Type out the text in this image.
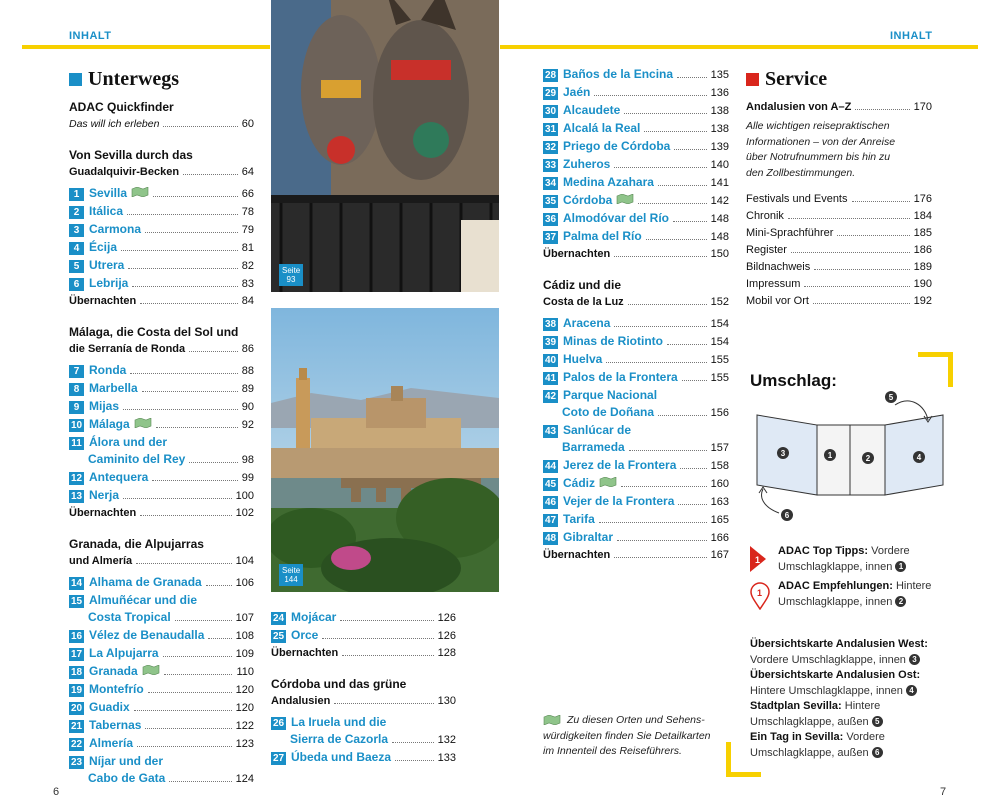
INHALT	INHALT
Unterwegs
ADAC Quickfinder
Das will ich erleben	60
Von Sevilla durch das
Guadalquivir-Becken	64
1 Sevilla	66
2 Itálica	78
3 Carmona	79
4 Écija	81
5 Utrera	82
6 Lebrija	83
Übernachten	84
Málaga, die Costa del Sol und
die Serranía de Ronda	86
7 Ronda	88
8 Marbella	89
9 Mijas	90
10 Málaga	92
11 Álora und der
Caminito del Rey	98
12 Antequera	99
13 Nerja	100
Übernachten	102
Granada, die Alpujarras
und Almería	104
14 Alhama de Granada	106
15 Almuñécar und die
Costa Tropical	107
16 Vélez de Benaudalla	108
17 La Alpujarra	109
18 Granada	110
19 Montefrío	120
20 Guadix	120
21 Tabernas	122
22 Almería	123
23 Níjar und der
Cabo de Gata	124
Seite
93
Seite
144
24 Mojácar	126
25 Orce	126
Übernachten	128
Córdoba und das grüne
Andalusien	130
26 La Iruela und die
Sierra de Cazorla	132
27 Úbeda und Baeza	133
28 Baños de la Encina	135
29 Jaén	136
30 Alcaudete	138
31 Alcalá la Real	138
32 Priego de Córdoba	139
33 Zuheros	140
34 Medina Azahara	141
35 Córdoba	142
36 Almodóvar del Río	148
37 Palma del Río	148
Übernachten	150
Cádiz und die
Costa de la Luz	152
38 Aracena	154
39 Minas de Riotinto	154
40 Huelva	155
41 Palos de la Frontera	155
42 Parque Nacional
Coto de Doñana	156
43 Sanlúcar de
Barrameda	157
44 Jerez de la Frontera	158
45 Cádiz	160
46 Vejer de la Frontera	163
47 Tarifa	165
48 Gibraltar	166
Übernachten	167
Zu diesen Orten und Sehens-
würdigkeiten finden Sie Detailkarten
im Innenteil des Reiseführers.
Service
Andalusien von A–Z	170
Alle wichtigen reisepraktischen
Informationen – von der Anreise
über Notrufnummern bis hin zu
den Zollbestimmungen.
Festivals und Events	176
Chronik	184
Mini-Sprachführer	185
Register	186
Bildnachweis	189
Impressum	190
Mobil vor Ort	192
Umschlag:
3	1	2	4
5
6
1
ADAC Top Tipps: Vordere
Umschlagklappe, innen 1
1
ADAC Empfehlungen: Hintere
Umschlagklappe, innen 2
Übersichtskarte Andalusien West:
Vordere Umschlagklappe, innen 3
Übersichtskarte Andalusien Ost:
Hintere Umschlagklappe, innen 4
Stadtplan Sevilla: Hintere
Umschlagklappe, außen 5
Ein Tag in Sevilla: Vordere
Umschlagklappe, außen 6
6	7
